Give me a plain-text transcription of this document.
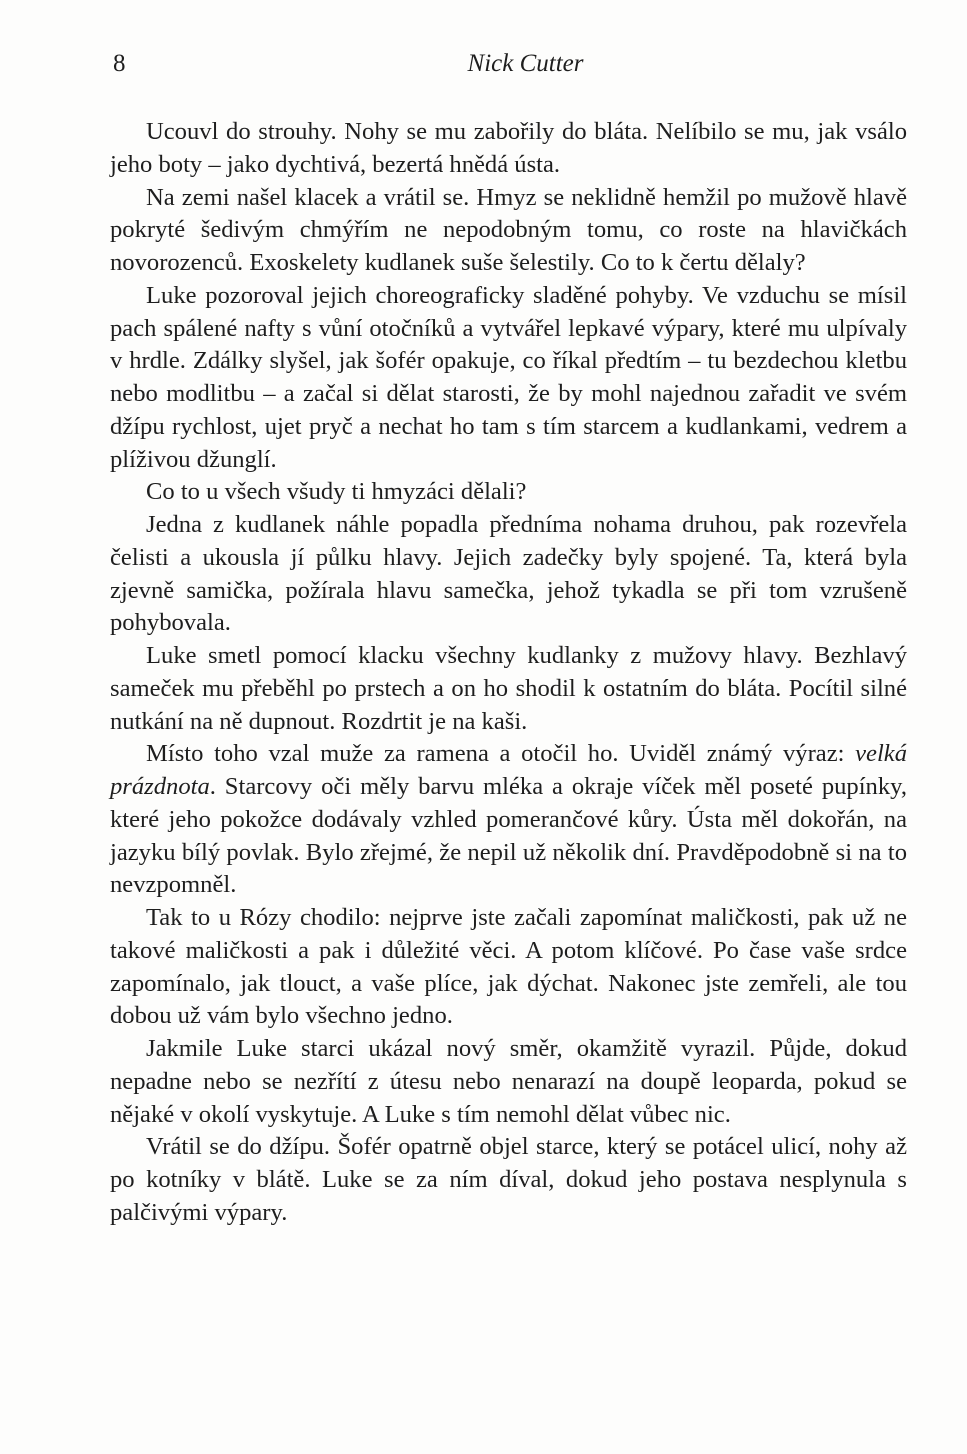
8	Nick Cutter

Ucouvl do strouhy. Nohy se mu zabořily do bláta. Nelíbilo se mu, jak vsálo jeho boty – jako dychtivá, bezertá hnědá ústa.

Na zemi našel klacek a vrátil se. Hmyz se neklidně hemžil po mužově hlavě pokryté šedivým chmýřím ne nepodobným tomu, co roste na hlavičkách novorozenců. Exoskelety kudlanek suše šelestily. Co to k čertu dělaly?

Luke pozoroval jejich choreograficky sladěné pohyby. Ve vzduchu se mísil pach spálené nafty s vůní otočníků a vytvářel lepkavé výpary, které mu ulpívaly v hrdle. Zdálky slyšel, jak šofér opakuje, co říkal předtím – tu bezdechou kletbu nebo modlitbu – a začal si dělat starosti, že by mohl najednou zařadit ve svém džípu rychlost, ujet pryč a nechat ho tam s tím starcem a kudlankami, vedrem a plíživou džunglí.

Co to u všech všudy ti hmyzáci dělali?

Jedna z kudlanek náhle popadla předníma nohama druhou, pak rozevřela čelisti a ukousla jí půlku hlavy. Jejich zadečky byly spojené. Ta, která byla zjevně samička, požírala hlavu samečka, jehož tykadla se při tom vzrušeně pohybovala.

Luke smetl pomocí klacku všechny kudlanky z mužovy hlavy. Bezhlavý sameček mu přeběhl po prstech a on ho shodil k ostatním do bláta. Pocítil silné nutkání na ně dupnout. Rozdrtit je na kaši.

Místo toho vzal muže za ramena a otočil ho. Uviděl známý výraz: velká prázdnota. Starcovy oči měly barvu mléka a okraje víček měl poseté pupínky, které jeho pokožce dodávaly vzhled pomerančové kůry. Ústa měl dokořán, na jazyku bílý povlak. Bylo zřejmé, že nepil už několik dní. Pravděpodobně si na to nevzpomněl.

Tak to u Rózy chodilo: nejprve jste začali zapomínat maličkosti, pak už ne takové maličkosti a pak i důležité věci. A potom klíčové. Po čase vaše srdce zapomínalo, jak tlouct, a vaše plíce, jak dýchat. Nakonec jste zemřeli, ale tou dobou už vám bylo všechno jedno.

Jakmile Luke starci ukázal nový směr, okamžitě vyrazil. Půjde, dokud nepadne nebo se nezřítí z útesu nebo nenarazí na doupě leoparda, pokud se nějaké v okolí vyskytuje. A Luke s tím nemohl dělat vůbec nic.

Vrátil se do džípu. Šofér opatrně objel starce, který se potácel ulicí, nohy až po kotníky v blátě. Luke se za ním díval, dokud jeho postava nesplynula s palčivými výpary.
